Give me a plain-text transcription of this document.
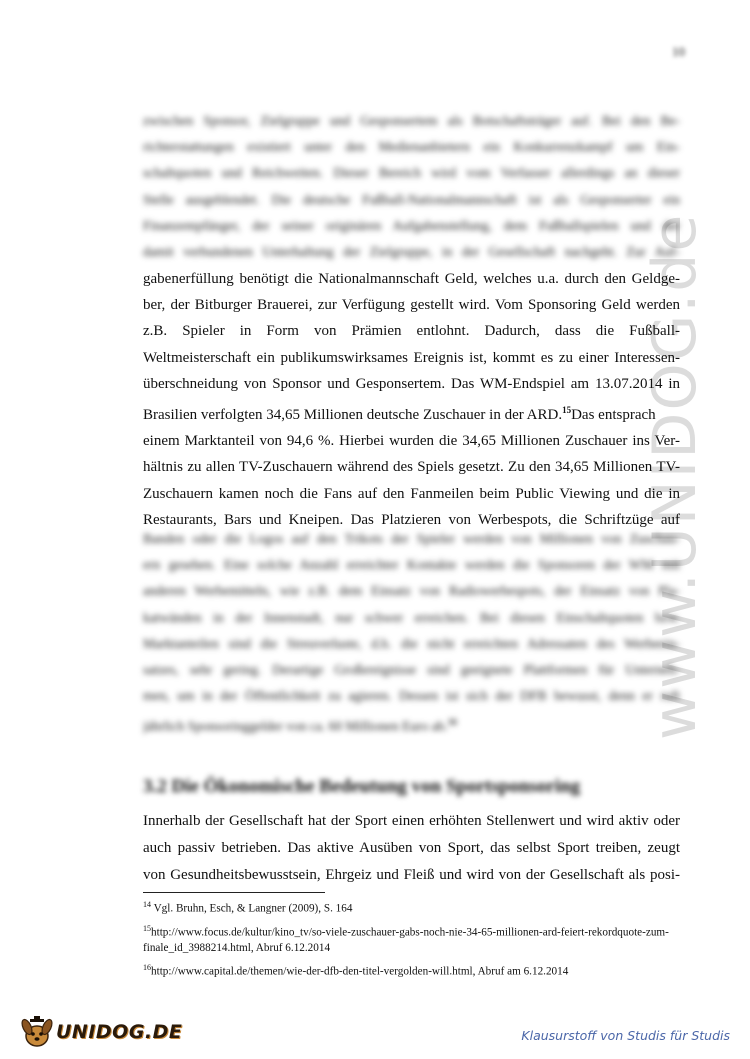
10
www.UNIDOG.de
zwischen Sponsor, Zielgruppe und Gesponsertem als Botschaftsträger auf. Bei den Be-
richterstattungen existiert unter den Medienanbietern ein Konkurrenzkampf um Ein-
schaltquoten und Reichweiten. Dieser Bereich wird vom Verfasser allerdings an dieser
Stelle ausgeblendet. Die deutsche Fußball-Nationalmannschaft ist als Gesponserter ein
Finanzempfänger, der seiner originären Aufgabenstellung, dem Fußballspielen und der
damit verbundenen Unterhaltung der Zielgruppe, in der Gesellschaft nachgeht. Zur Auf-
gabenerfüllung benötigt die Nationalmannschaft Geld, welches u.a. durch den Geldge-
ber, der Bitburger Brauerei, zur Verfügung gestellt wird. Vom Sponsoring Geld werden
z.B. Spieler in Form von Prämien entlohnt. Dadurch, dass die Fußball-
Weltmeisterschaft ein publikumswirksames Ereignis ist, kommt es zu einer Interessen-
überschneidung von Sponsor und Gesponsertem. Das WM-Endspiel am 13.07.2014 in
Brasilien verfolgten 34,65 Millionen deutsche Zuschauer in der ARD.$^{15}$Das entsprach
einem Marktanteil von 94,6 %. Hierbei wurden die 34,65 Millionen Zuschauer ins Ver-
hältnis zu allen TV-Zuschauern während des Spiels gesetzt. Zu den 34,65 Millionen TV-
Zuschauern kamen noch die Fans auf den Fanmeilen beim Public Viewing und die in
Restaurants, Bars und Kneipen. Das Platzieren von Werbespots, die Schriftzüge auf
Banden oder die Logos auf den Trikots der Spieler werden von Millionen von Zuschau-
ern gesehen. Eine solche Anzahl erreichter Kontakte werden die Sponsoren der WM mit
anderen Werbemitteln, wie z.B. dem Einsatz von Radiowerbespots, der Einsatz von Pla-
katwänden in der Innenstadt, nur schwer erreichen. Bei diesen Einschaltquoten bzw.
Marktanteilen sind die Streuverluste, d.h. die nicht erreichten Adressaten des Werbeein-
satzes, sehr gering. Derartige Großereignisse sind geeignete Plattformen für Unterneh-
men, um in der Öffentlichkeit zu agieren. Dessen ist sich der DFB bewusst, denn er ruft
jährlich Sponsoringgelder von ca. 60 Millionen Euro ab.$^{16}$
3.2 Die Ökonomische Bedeutung von Sportsponsoring
Innerhalb der Gesellschaft hat der Sport einen erhöhten Stellenwert und wird aktiv oder
auch passiv betrieben. Das aktive Ausüben von Sport, das selbst Sport treiben, zeugt
von Gesundheitsbewusstsein, Ehrgeiz und Fleiß und wird von der Gesellschaft als posi-

$^{14}$ Vgl. Bruhn, Esch, & Langner (2009), S. 164

$^{15}$http://www.focus.de/kultur/kino_tv/so-viele-zuschauer-gabs-noch-nie-34-65-millionen-ard-feiert-rekordquote-zum-finale_id_3988214.html, Abruf 6.12.2014

$^{16}$http://www.capital.de/themen/wie-der-dfb-den-titel-vergolden-will.html, Abruf am 6.12.2014

UNIDOG.DE	Klausurstoff von Studis für Studis
